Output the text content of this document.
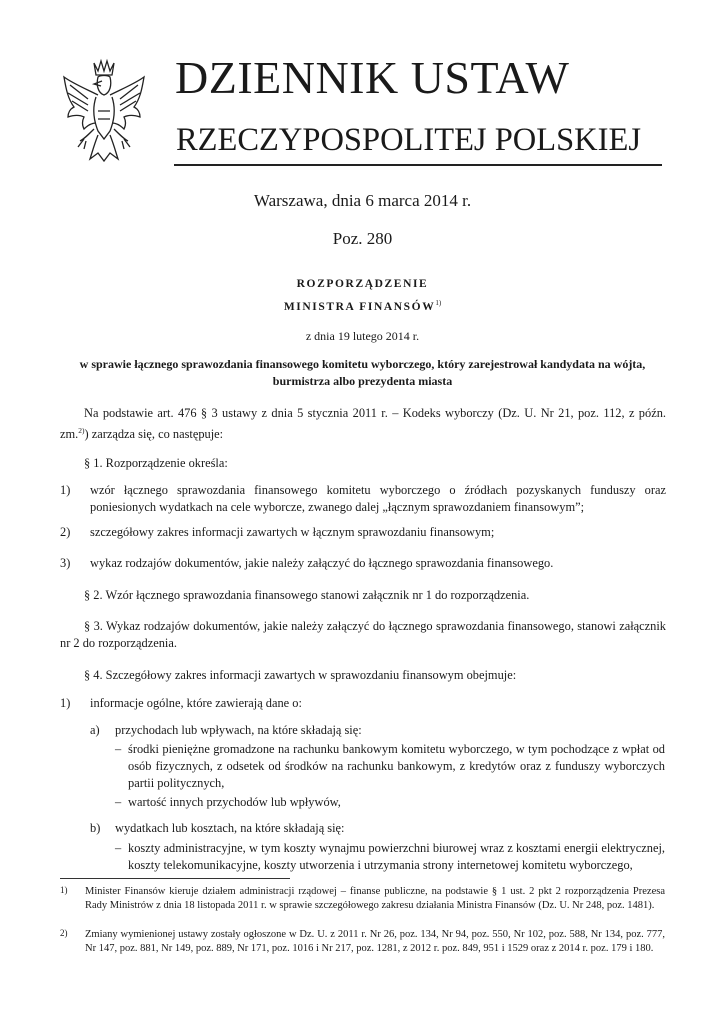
DZIENNIK USTAW
RZECZYPOSPOLITEJ POLSKIEJ
Warszawa, dnia 6 marca 2014 r.
Poz. 280
ROZPORZĄDZENIE
MINISTRA FINANSÓW$^{1)}$
z dnia 19 lutego 2014 r.
w sprawie łącznego sprawozdania finansowego komitetu wyborczego, który zarejestrował kandydata na wójta, burmistrza albo prezydenta miasta
Na podstawie art. 476 § 3 ustawy z dnia 5 stycznia 2011 r. – Kodeks wyborczy (Dz. U. Nr 21, poz. 112, z późn. zm.$^{2)}$) zarządza się, co następuje:
§ 1. Rozporządzenie określa:
1) wzór łącznego sprawozdania finansowego komitetu wyborczego o źródłach pozyskanych funduszy oraz poniesionych wydatkach na cele wyborcze, zwanego dalej „łącznym sprawozdaniem finansowym”;
2) szczegółowy zakres informacji zawartych w łącznym sprawozdaniu finansowym;
3) wykaz rodzajów dokumentów, jakie należy załączyć do łącznego sprawozdania finansowego.
§ 2. Wzór łącznego sprawozdania finansowego stanowi załącznik nr 1 do rozporządzenia.
§ 3. Wykaz rodzajów dokumentów, jakie należy załączyć do łącznego sprawozdania finansowego, stanowi załącznik nr 2 do rozporządzenia.
§ 4. Szczegółowy zakres informacji zawartych w sprawozdaniu finansowym obejmuje:
1) informacje ogólne, które zawierają dane o:
a) przychodach lub wpływach, na które składają się:
– środki pieniężne gromadzone na rachunku bankowym komitetu wyborczego, w tym pochodzące z wpłat od osób fizycznych, z odsetek od środków na rachunku bankowym, z kredytów oraz z funduszy wyborczych partii politycznych,
– wartość innych przychodów lub wpływów,
b) wydatkach lub kosztach, na które składają się:
– koszty administracyjne, w tym koszty wynajmu powierzchni biurowej wraz z kosztami energii elektrycznej, koszty telekomunikacyjne, koszty utworzenia i utrzymania strony internetowej komitetu wyborczego,
1) Minister Finansów kieruje działem administracji rządowej – finanse publiczne, na podstawie § 1 ust. 2 pkt 2 rozporządzenia Prezesa Rady Ministrów z dnia 18 listopada 2011 r. w sprawie szczegółowego zakresu działania Ministra Finansów (Dz. U. Nr 248, poz. 1481).
2) Zmiany wymienionej ustawy zostały ogłoszone w Dz. U. z 2011 r. Nr 26, poz. 134, Nr 94, poz. 550, Nr 102, poz. 588, Nr 134, poz. 777, Nr 147, poz. 881, Nr 149, poz. 889, Nr 171, poz. 1016 i Nr 217, poz. 1281, z 2012 r. poz. 849, 951 i 1529 oraz z 2014 r. poz. 179 i 180.
